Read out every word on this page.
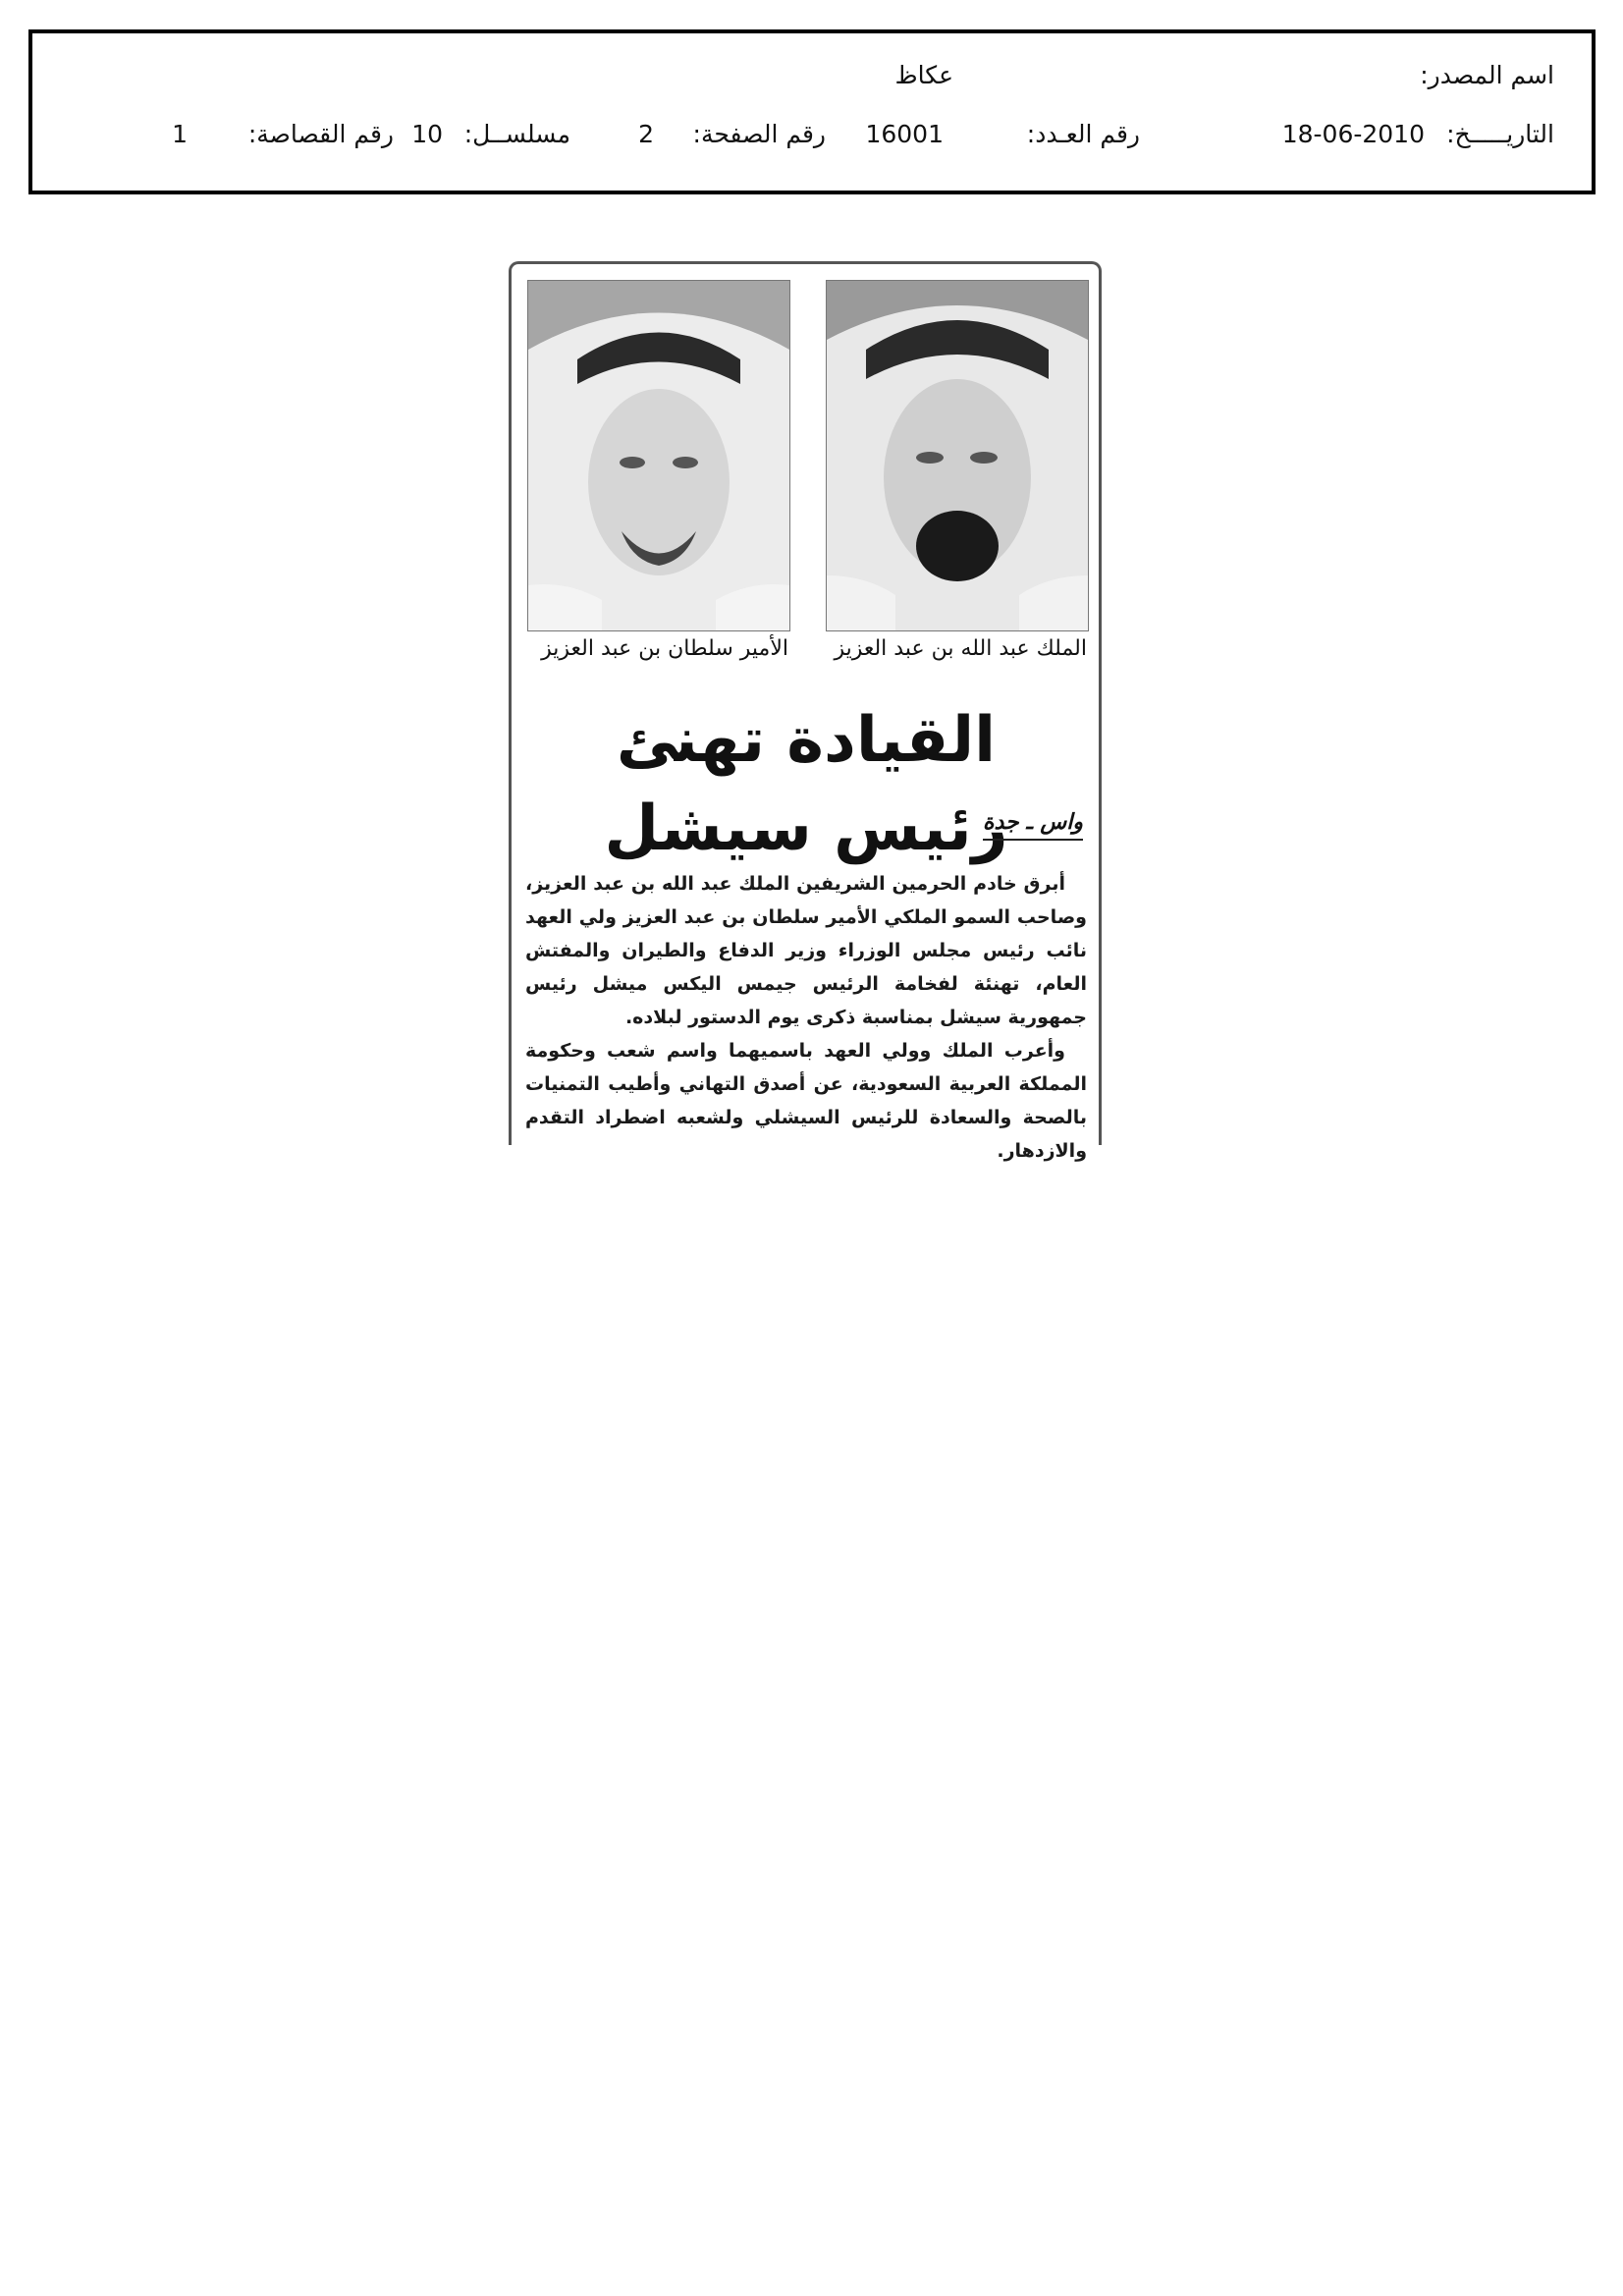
اسم المصدر:
عكاظ
التاريـــــخ:
18-06-2010
رقم العـدد:
16001
رقم الصفحة:
2
مسلســل:
10
رقم القصاصة:
1
الملك عبد الله بن عبد العزيز
الأمير سلطان بن عبد العزيز
القيادة تهنئ رئيس سيشل
واس ـ جدة

أبرق خادم الحرمين الشريفين الملك عبد الله بن عبد العزيز، وصاحب السمو الملكي الأمير سلطان بن عبد العزيز ولي العهد نائب رئيس مجلس الوزراء وزير الدفاع والطيران والمفتش العام، تهنئة لفخامة الرئيس جيمس اليكس ميشل رئيس جمهورية سيشل بمناسبة ذكرى يوم الدستور لبلاده.

وأعرب الملك وولي العهد باسميهما واسم شعب وحكومة المملكة العربية السعودية، عن أصدق التهاني وأطيب التمنيات بالصحة والسعادة للرئيس السيشلي ولشعبه اضطراد التقدم والازدهار.
